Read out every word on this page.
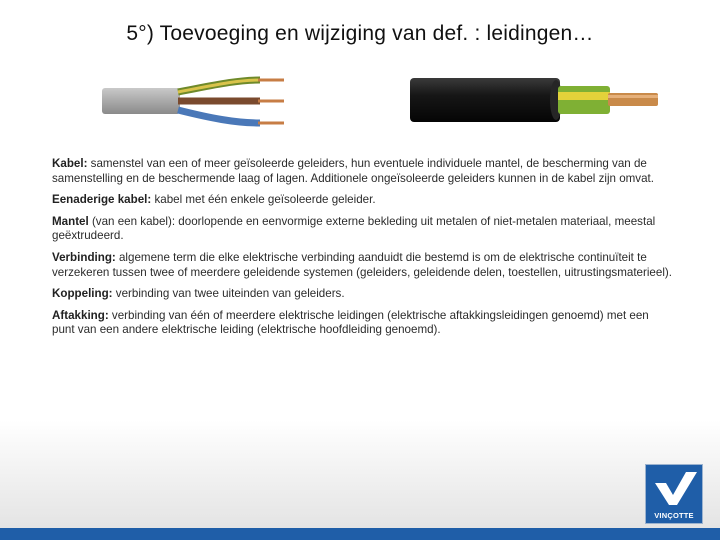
5°) Toevoeging en wijziging van def. : leidingen…

Kabel: samenstel van een of meer geïsoleerde geleiders, hun eventuele individuele mantel, de bescherming van de samenstelling en de beschermende laag of lagen. Additionele ongeïsoleerde geleiders kunnen in de kabel zijn omvat.

Eenaderige kabel: kabel met één enkele geïsoleerde geleider.

Mantel (van een kabel): doorlopende en eenvormige externe bekleding uit metalen of niet-metalen materiaal, meestal geëxtrudeerd.

Verbinding: algemene term die elke elektrische verbinding aanduidt die bestemd is om de elektrische continuïteit te verzekeren tussen twee of meerdere geleidende systemen (geleiders, geleidende delen, toestellen, uitrustingsmaterieel).

Koppeling: verbinding van twee uiteinden van geleiders.

Aftakking: verbinding van één of meerdere elektrische leidingen (elektrische aftakkingsleidingen genoemd) met een punt van een andere elektrische leiding (elektrische hoofdleiding genoemd).

VINÇOTTE
